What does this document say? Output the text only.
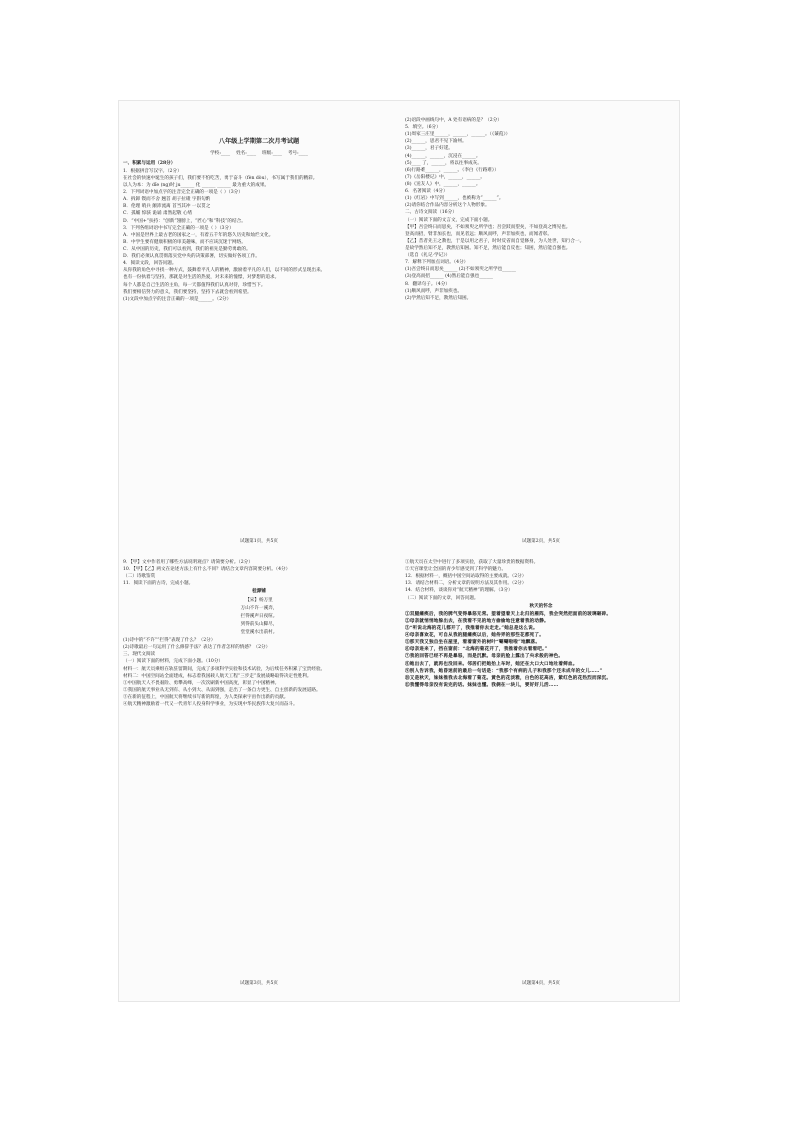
八年级上学期第二次月考试题
学校:____ 姓名:____ 班级:____ 考号:____
一、积累与运用（28分）

1．根据拼音写汉字。（2分）

在社会的快速中诞生的孩子们，我们要不怕吃苦，勇于奋斗（fèn dòu），书写属于我们的精彩。

以人为本：为 dǐe (ng)时 ju______ 化 ______ ______ 最为重大的成果。

2．下列词语中加点字的注音完全正确的一项是（ ）（3分）

A．拆卸 锲而不舍 翘首 胡子拉碴 字斟句酌

B．伦理 哨兵 颠沛流离 首当其冲 一以贯之

C．孤孀 惊骇 诡诵 肃然起敬 心绪

D．“中国+”扶持：“创新”翅膀上，“匠心”和“科技”的结合。

3．下列各组词语中书写完全正确的一项是（ ）（3分）

A．中国是世界上最古老的国家之一，有着五千年的悠久历史和灿烂文化。

B．中学生要有健康积极的审美趣味，而不应该沉迷于网络。

C．从中国的历史，我们可以看到，我们的祖先是勤劳勇敢的。

D．我们必须认真贯彻落实党中央的决策部署，切实做好各项工作。

4．阅读文段，回答问题。

从你我的角色中寻找一种方式，鼓舞着平凡人的精神，激励着平凡的人们，以不同的形式呈现出来。

也有一份执着与坚持，那就是对生活的热爱，对未来的憧憬，对梦想的追求。

每个人都是自己生活的主角，每一天都值得我们认真对待，珍惜当下。

我们要相信努力的意义，我们要坚持，坚持下去就会看到希望。

(1)文段中加点字的注音正确的一项是______。（2分）

试题第1页，共5页

(2)语段中画线句中，A 处有语病的是？（2分）

5．填空。（6分）

(1)周家三庄里______，______，______。（《蒹葭》）

(2)______，思君不见下渝州。

(3)______，君子好逑。

(4)______，______，沉浸在______。

(5)____ 了，______，将以往事成灰。

(6)行路难______，______。（李白《行路难》）

(7)《岳阳楼记》中，______，______。

(8)《送友人》中，______，______。

6．名著阅读（4分）

(1)《红岩》中写到______，也被称为“______”。

(2)请你结合作品内容分析这个人物形象。

二、古诗文阅读（16分）

（一）阅读下面的文言文，完成下面小题。

【甲】吾尝终日而思矣，不如须臾之所学也；吾尝跂而望矣，不如登高之博见也。

登高而招，臂非加长也，而见者远；顺风而呼，声非加疾也，而闻者彰。

【乙】昔者先王之教也，于是以用之君子，时时反省而自觉修身，为人处世，知行合一。

是故学然后知不足，教然后知困。知不足，然后能自反也；知困，然后能自强也。

（选自《礼记·学记》）

7．解释下列加点词语。（4分）

(1)吾尝终日而思矣______ (2)不如须臾之所学也______

(3)登高而招______ (4)然后能自强也______

8．翻译句子。（4分）

(1)顺风而呼，声非加疾也。

(2)学然后知不足，教然后知困。

试题第2页，共5页

9．【甲】文中作者用了哪些方法说明观点？请简要分析。（2分）

10．【甲】【乙】两文在论述方法上有什么不同？请结合文章内容简要分析。（4分）

（二）诗歌鉴赏

11．阅读下面的古诗，完成小题。

桂源铺
【宋】杨万里

万山不许一溪奔，

拦得溪声日夜喧。

到得前头山脚尽，

堂堂溪水出前村。

(1)诗中的“不许”“拦得”表现了什么？（2分）

(2)诗歌最后一句运用了什么修辞手法？表达了作者怎样的情感？（2分）

三、现代文阅读

（一）阅读下面的材料，完成下面小题。（10分）

材料一：航天员乘组在轨驻留期间，完成了多项科学实验和技术试验，为后续任务积累了宝贵经验。

材料二：中国空间站全面建成，标志着我国载人航天工程“三步走”发展战略取得决定性胜利。

①中国航天人不畏艰险、勇攀高峰，一次次刷新中国高度，彰显了中国精神。

②我国的航天事业从无到有、从小到大、从弱到强，走出了一条自力更生、自主创新的发展道路。

③在新的征程上，中国航天将继续书写新的辉煌，为人类探索宇宙作出新的贡献。

④航天精神激励着一代又一代青年人投身科学事业，为实现中华民族伟大复兴而奋斗。

试题第3页，共5页

①航天员在太空中进行了多项实验，获取了大量珍贵的数据资料。

②天宫课堂让全国的青少年感受到了科学的魅力。

12．根据材料一，概括中国空间站取得的主要成就。（2分）

13．请结合材料二，分析文章的说明方法及其作用。（2分）

14．结合材料，谈谈你对“航天精神”的理解。（3分）

（二）阅读下面的文章，回答问题。

秋天的怀念

①双腿瘫痪后，我的脾气变得暴怒无常。望着望着天上北归的雁阵，我会突然把面前的玻璃砸碎。

②母亲就悄悄地躲出去，在我看不见的地方偷偷地注意着我的动静。

③“听说北海的花儿都开了，我推着你去走走。”她总是这么说。

④母亲喜欢花，可自从我的腿瘫痪以后，她侍弄的那些花都死了。

⑤那天我又独自坐在屋里，看着窗外的树叶“唰唰啦啦”地飘落。

⑥母亲进来了，挡在窗前：“北海的菊花开了，我推着你去看看吧。”

⑦我的回答已经不再是暴怒，而是沉默。母亲的脸上露出了央求般的神色。

⑧她出去了，就再也没回来。邻居们把她抬上车时，她还在大口大口地吐着鲜血。

⑨别人告诉我，她昏迷前的最后一句话是：“我那个有病的儿子和我那个还未成年的女儿……”

⑩又是秋天，妹妹推我去北海看了菊花。黄色的花淡雅，白色的花高洁，紫红色的花热烈而深沉。

⑪我懂得母亲没有说完的话。妹妹也懂。我俩在一块儿，要好好儿活……

试题第4页，共5页
